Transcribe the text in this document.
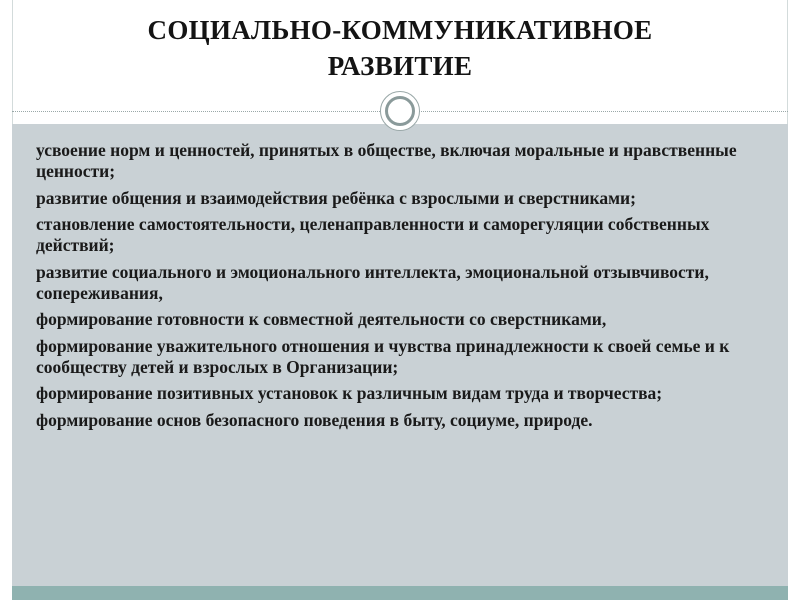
СОЦИАЛЬНО-КОММУНИКАТИВНОЕ
РАЗВИТИЕ
усвоение норм и ценностей, принятых в обществе, включая моральные и нравственные ценности;
развитие общения и взаимодействия ребёнка с взрослыми и сверстниками;
становление самостоятельности, целенаправленности и саморегуляции собственных действий;
развитие социального и эмоционального интеллекта, эмоциональной отзывчивости, сопереживания,
формирование готовности к совместной деятельности со сверстниками,
формирование уважительного отношения и чувства принадлежности к своей семье и к сообществу детей и взрослых в Организации;
формирование позитивных установок к различным видам труда и творчества;
формирование основ безопасного поведения в быту, социуме, природе.
